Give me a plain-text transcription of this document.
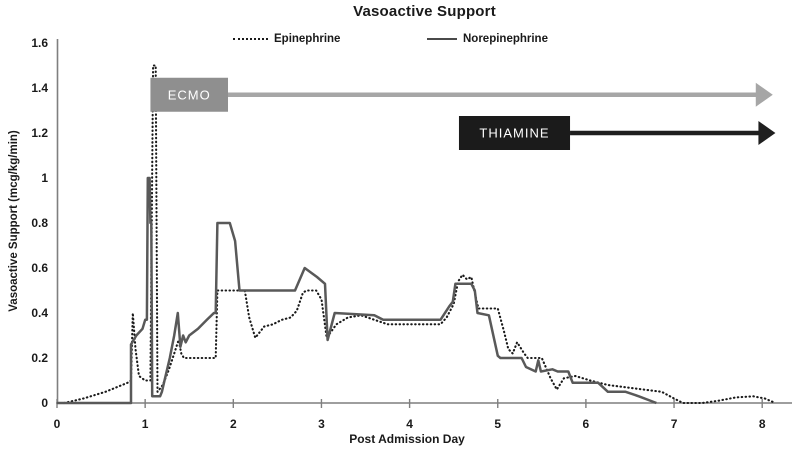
Vasoactive Support
Epinephrine	Norepinephrine
Vasoactive Support (mcg/kg/min)
Post Admission Day
0	1	2	3	4	5	6	7	8
0
0.2
0.4
0.6
0.8
1
1.2
1.4
1.6
ECMO
THIAMINE
